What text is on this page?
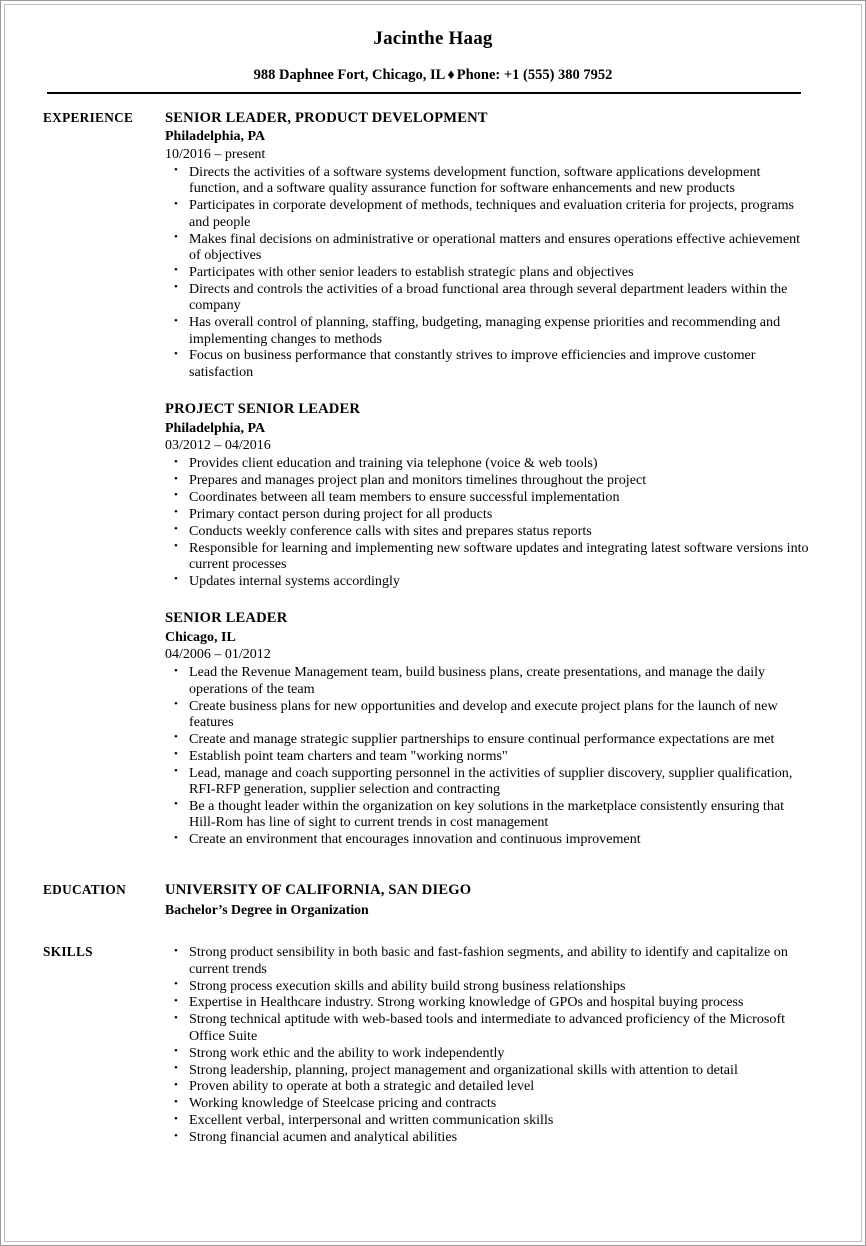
Jacinthe Haag
988 Daphnee Fort, Chicago, IL ♦ Phone: +1 (555) 380 7952
EXPERIENCE	SENIOR LEADER, PRODUCT DEVELOPMENT
Philadelphia, PA
10/2016 – present
• Directs the activities of a software systems development function, software applications development function, and a software quality assurance function for software enhancements and new products
• Participates in corporate development of methods, techniques and evaluation criteria for projects, programs and people
• Makes final decisions on administrative or operational matters and ensures operations effective achievement of objectives
• Participates with other senior leaders to establish strategic plans and objectives
• Directs and controls the activities of a broad functional area through several department leaders within the company
• Has overall control of planning, staffing, budgeting, managing expense priorities and recommending and implementing changes to methods
• Focus on business performance that constantly strives to improve efficiencies and improve customer satisfaction
PROJECT SENIOR LEADER
Philadelphia, PA
03/2012 – 04/2016
• Provides client education and training via telephone (voice & web tools)
• Prepares and manages project plan and monitors timelines throughout the project
• Coordinates between all team members to ensure successful implementation
• Primary contact person during project for all products
• Conducts weekly conference calls with sites and prepares status reports
• Responsible for learning and implementing new software updates and integrating latest software versions into current processes
• Updates internal systems accordingly
SENIOR LEADER
Chicago, IL
04/2006 – 01/2012
• Lead the Revenue Management team, build business plans, create presentations, and manage the daily operations of the team
• Create business plans for new opportunities and develop and execute project plans for the launch of new features
• Create and manage strategic supplier partnerships to ensure continual performance expectations are met
• Establish point team charters and team "working norms"
• Lead, manage and coach supporting personnel in the activities of supplier discovery, supplier qualification, RFI-RFP generation, supplier selection and contracting
• Be a thought leader within the organization on key solutions in the marketplace consistently ensuring that Hill-Rom has line of sight to current trends in cost management
• Create an environment that encourages innovation and continuous improvement
EDUCATION	UNIVERSITY OF CALIFORNIA, SAN DIEGO
Bachelor’s Degree in Organization
SKILLS	• Strong product sensibility in both basic and fast-fashion segments, and ability to identify and capitalize on current trends
• Strong process execution skills and ability build strong business relationships
• Expertise in Healthcare industry. Strong working knowledge of GPOs and hospital buying process
• Strong technical aptitude with web-based tools and intermediate to advanced proficiency of the Microsoft Office Suite
• Strong work ethic and the ability to work independently
• Strong leadership, planning, project management and organizational skills with attention to detail
• Proven ability to operate at both a strategic and detailed level
• Working knowledge of Steelcase pricing and contracts
• Excellent verbal, interpersonal and written communication skills
• Strong financial acumen and analytical abilities
